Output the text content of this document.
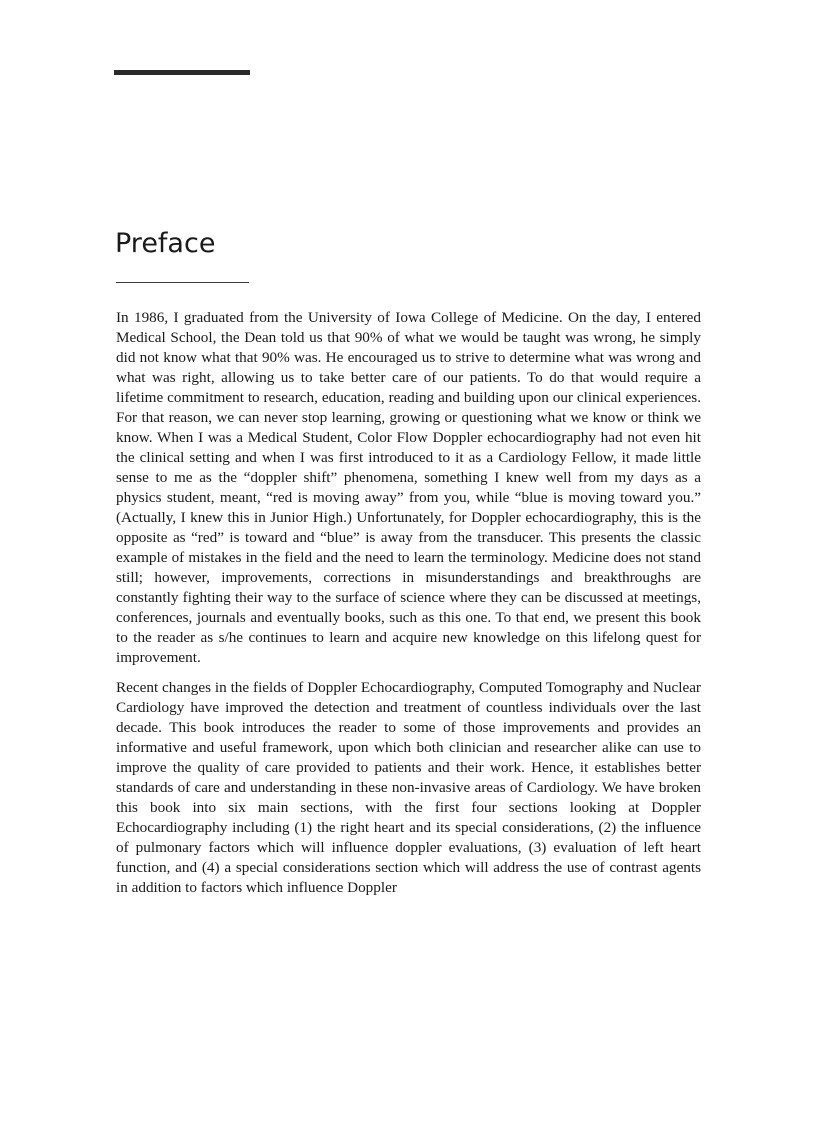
Preface

In 1986, I graduated from the University of Iowa College of Medicine. On the day, I entered Medical School, the Dean told us that 90% of what we would be taught was wrong, he simply did not know what that 90% was. He encouraged us to strive to determine what was wrong and what was right, allowing us to take better care of our patients. To do that would require a lifetime commitment to research, education, reading and building upon our clinical experiences. For that reason, we can never stop learning, growing or questioning what we know or think we know. When I was a Medical Student, Color Flow Doppler echocardiography had not even hit the clinical setting and when I was first introduced to it as a Cardiology Fellow, it made little sense to me as the “doppler shift” phenomena, something I knew well from my days as a physics student, meant, “red is moving away” from you, while “blue is moving toward you.” (Actually, I knew this in Junior High.) Unfortunately, for Doppler echocardiography, this is the opposite as “red” is toward and “blue” is away from the transducer. This presents the classic example of mistakes in the field and the need to learn the terminology. Medicine does not stand still; however, improvements, corrections in misunderstandings and breakthroughs are constantly fighting their way to the surface of science where they can be discussed at meetings, conferences, journals and eventually books, such as this one. To that end, we present this book to the reader as s/he continues to learn and acquire new knowledge on this lifelong quest for improvement.

Recent changes in the fields of Doppler Echocardiography, Computed Tomography and Nuclear Cardiology have improved the detection and treatment of countless individuals over the last decade. This book introduces the reader to some of those improvements and provides an informative and useful framework, upon which both clinician and researcher alike can use to improve the quality of care provided to patients and their work. Hence, it establishes better standards of care and understanding in these non-invasive areas of Cardiology. We have broken this book into six main sections, with the first four sections looking at Doppler Echocardiography including (1) the right heart and its special considerations, (2) the influence of pulmonary factors which will influence doppler evaluations, (3) evaluation of left heart function, and (4) a special considerations section which will address the use of contrast agents in addition to factors which influence Doppler
